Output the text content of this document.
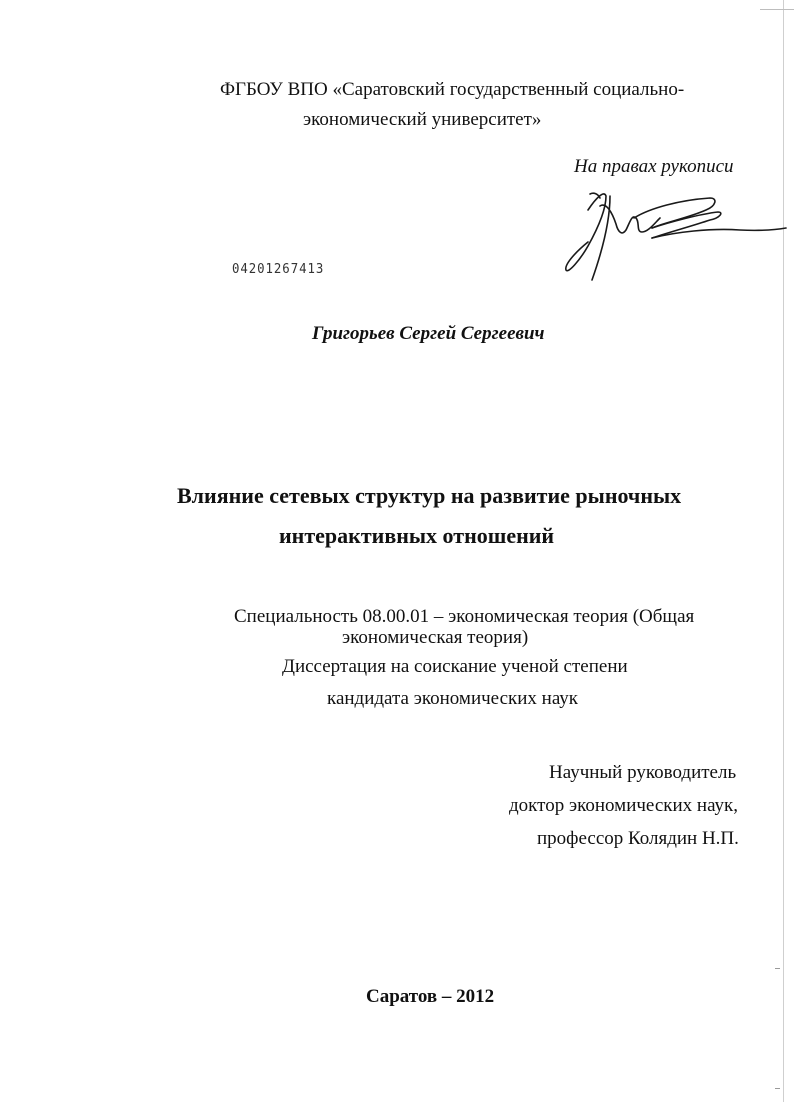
ФГБОУ ВПО «Саратовский государственный социально-
экономический университет»
На правах рукописи
04201267413
Григорьев Сергей Сергеевич
Влияние сетевых структур на развитие рыночных
интерактивных отношений
Специальность 08.00.01 – экономическая теория (Общая
экономическая теория)
Диссертация на соискание ученой степени
кандидата экономических наук
Научный руководитель
доктор экономических наук,
профессор Колядин Н.П.
Саратов – 2012
